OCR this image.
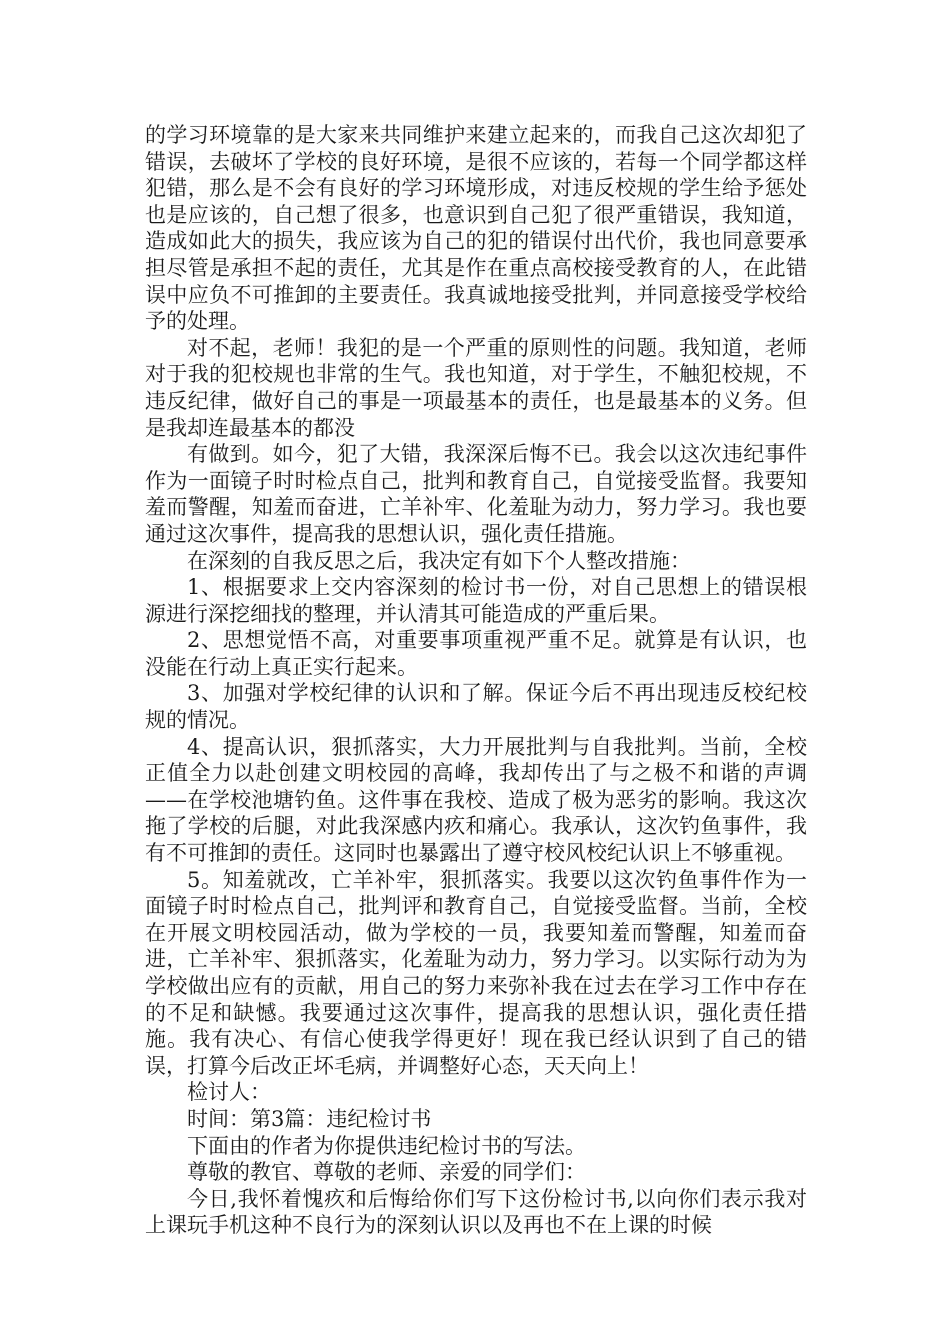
的学习环境靠的是大家来共同维护来建立起来的，而我自己这次却犯了错误，去破坏了学校的良好环境，是很不应该的，若每一个同学都这样犯错，那么是不会有良好的学习环境形成，对违反校规的学生给予惩处也是应该的，自己想了很多，也意识到自己犯了很严重错误，我知道，造成如此大的损失，我应该为自己的犯的错误付出代价，我也同意要承担尽管是承担不起的责任，尤其是作在重点高校接受教育的人，在此错误中应负不可推卸的主要责任。我真诚地接受批判，并同意接受学校给予的处理。

对不起，老师！我犯的是一个严重的原则性的问题。我知道，老师对于我的犯校规也非常的生气。我也知道，对于学生，不触犯校规，不违反纪律，做好自己的事是一项最基本的责任，也是最基本的义务。但是我却连最基本的都没

有做到。如今，犯了大错，我深深后悔不已。我会以这次违纪事件作为一面镜子时时检点自己，批判和教育自己，自觉接受监督。我要知羞而警醒，知羞而奋进，亡羊补牢、化羞耻为动力，努力学习。我也要通过这次事件，提高我的思想认识，强化责任措施。

在深刻的自我反思之后，我决定有如下个人整改措施：

1、根据要求上交内容深刻的检讨书一份，对自己思想上的错误根源进行深挖细找的整理，并认清其可能造成的严重后果。

2、思想觉悟不高，对重要事项重视严重不足。就算是有认识，也没能在行动上真正实行起来。

3、加强对学校纪律的认识和了解。保证今后不再出现违反校纪校规的情况。

4、提高认识，狠抓落实，大力开展批判与自我批判。当前，全校正值全力以赴创建文明校园的高峰，我却传出了与之极不和谐的声调——在学校池塘钓鱼。这件事在我校、造成了极为恶劣的影响。我这次拖了学校的后腿，对此我深感内疚和痛心。我承认，这次钓鱼事件，我有不可推卸的责任。这同时也暴露出了遵守校风校纪认识上不够重视。

5。知羞就改，亡羊补牢，狠抓落实。我要以这次钓鱼事件作为一面镜子时时检点自己，批判评和教育自己，自觉接受监督。当前，全校在开展文明校园活动，做为学校的一员，我要知羞而警醒，知羞而奋进，亡羊补牢、狠抓落实，化羞耻为动力，努力学习。以实际行动为为学校做出应有的贡献，用自己的努力来弥补我在过去在学习工作中存在的不足和缺憾。我要通过这次事件，提高我的思想认识，强化责任措施。我有决心、有信心使我学得更好！现在我已经认识到了自己的错误，打算今后改正坏毛病，并调整好心态，天天向上！

检讨人：

时间：第3篇：违纪检讨书

下面由的作者为你提供违纪检讨书的写法。

尊敬的教官、尊敬的老师、亲爱的同学们：

今日,我怀着愧疚和后悔给你们写下这份检讨书,以向你们表示我对上课玩手机这种不良行为的深刻认识以及再也不在上课的时候
